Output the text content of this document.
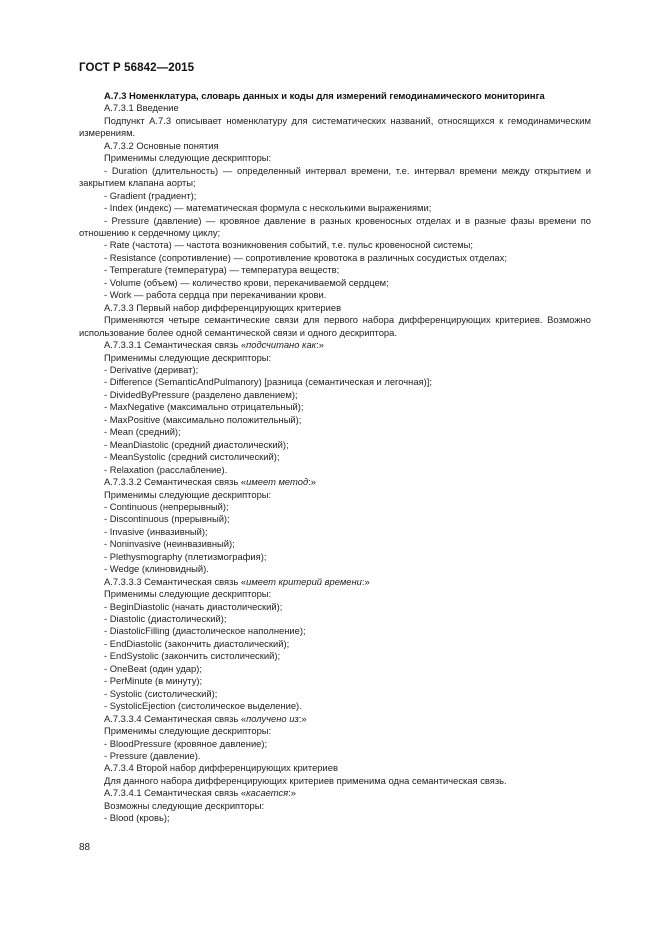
ГОСТ Р 56842—2015

A.7.3 Номенклатура, словарь данных и коды для измерений гемодинамического мониторинга

A.7.3.1 Введение

Подпункт А.7.3 описывает номенклатуру для систематических названий, относящихся к гемодинамическим измерениям.

A.7.3.2 Основные понятия

Применимы следующие дескрипторы:

- Duration (длительность) — определенный интервал времени, т.е. интервал времени между открытием и закрытием клапана аорты;

- Gradient (градиент);

- Index (индекс) — математическая формула с несколькими выражениями;

- Pressure (давление) — кровяное давление в разных кровеносных отделах и в разные фазы времени по отношению к сердечному циклу;

- Rate (частота) — частота возникновения событий, т.е. пульс кровеносной системы;

- Resistance (сопротивление) — сопротивление кровотока в различных сосудистых отделах;

- Temperature (температура) — температура веществ;

- Volume (объем) — количество крови, перекачиваемой сердцем;

- Work — работа сердца при перекачивании крови.

A.7.3.3 Первый набор дифференцирующих критериев

Применяются четыре семантические связи для первого набора дифференцирующих критериев. Возможно использование более одной семантической связи и одного дескриптора.

A.7.3.3.1 Семантическая связь «подсчитано как:»

Применимы следующие дескрипторы:

- Derivative (дериват);

- Difference (SemanticAndPulmanory) [разница (семантическая и легочная)];

- DividedByPressure (разделено давлением);

- MaxNegative (максимально отрицательный);

- MaxPositive (максимально положительный);

- Mean (средний);

- MeanDiastolic (средний диастолический);

- MeanSystolic (средний систолический);

- Relaxation (расслабление).

A.7.3.3.2 Семантическая связь «имеет метод:»

Применимы следующие дескрипторы:

- Continuous (непрерывный);

- Discontinuous (прерывный);

- Invasive (инвазивный);

- Noninvasive (неинвазивный);

- Plethysmography (плетизмография);

- Wedge (клиновидный).

A.7.3.3.3 Семантическая связь «имеет критерий времени:»

Применимы следующие дескрипторы:

- BeginDiastolic (начать диастолический);

- Diastolic (диастолический);

- DiastolicFilling (диастолическое наполнение);

- EndDiastolic (закончить диастолический);

- EndSystolic (закончить систолический);

- OneBeat (один удар);

- PerMinute (в минуту);

- Systolic (систолический);

- SystolicEjection (систолическое выделение).

A.7.3.3.4 Семантическая связь «получено из:»

Применимы следующие дескрипторы:

- BloodPressure (кровяное давление);

- Pressure (давление).

A.7.3.4 Второй набор дифференцирующих критериев

Для данного набора дифференцирующих критериев применима одна семантическая связь.

A.7.3.4.1 Семантическая связь «касается:»

Возможны следующие дескрипторы:

- Blood (кровь);

88
